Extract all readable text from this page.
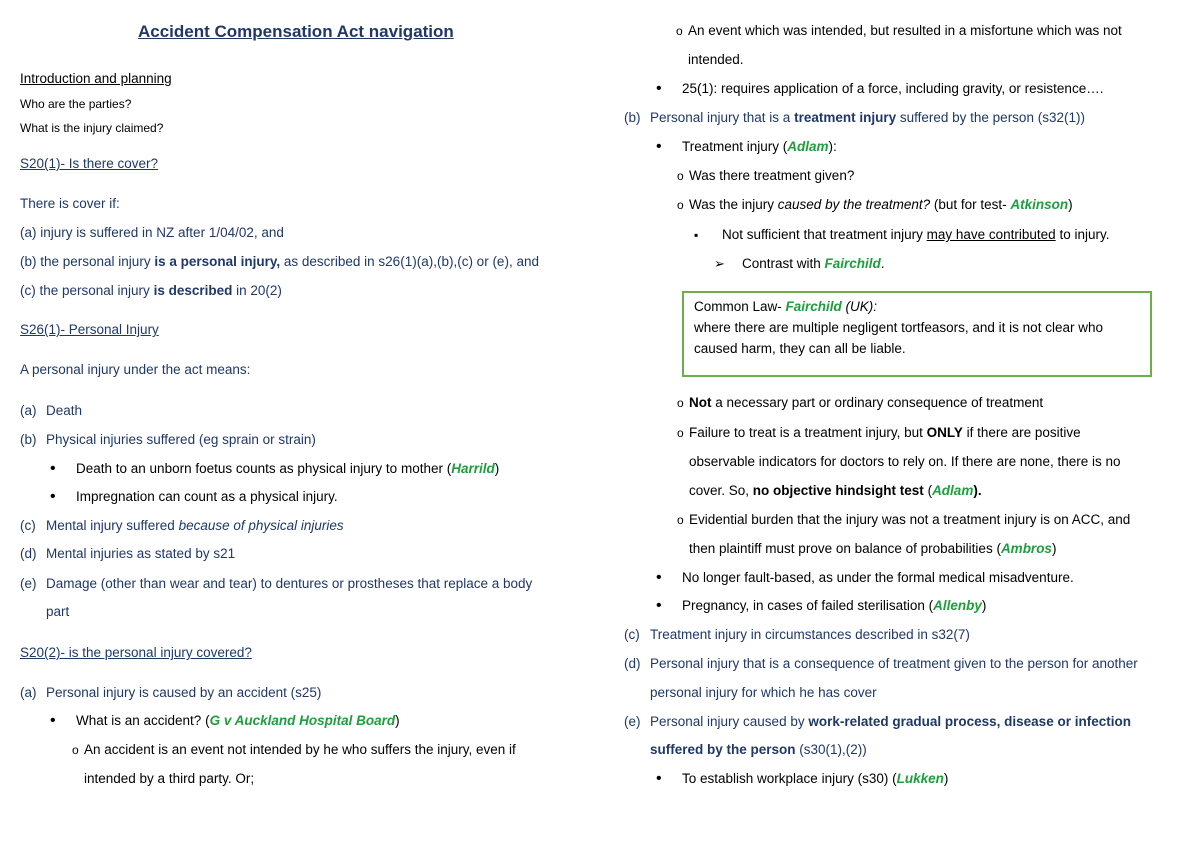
Accident Compensation Act navigation
Introduction and planning
Who are the parties?
What is the injury claimed?
S20(1)- Is there cover?
There is cover if:
(a) injury is suffered in NZ after 1/04/02, and
(b) the personal injury is a personal injury, as described in s26(1)(a),(b),(c) or (e), and
(c) the personal injury is described in 20(2)
S26(1)- Personal Injury
A personal injury under the act means:
(a) Death
(b) Physical injuries suffered (eg sprain or strain)
• Death to an unborn foetus counts as physical injury to mother (Harrild)
• Impregnation can count as a physical injury.
(c) Mental injury suffered because of physical injuries
(d) Mental injuries as stated by s21
(e) Damage (other than wear and tear) to dentures or prostheses that replace a body
part
S20(2)- is the personal injury covered?
(a) Personal injury is caused by an accident (s25)
• What is an accident? (G v Auckland Hospital Board)
o An accident is an event not intended by he who suffers the injury, even if
intended by a third party. Or;
o An event which was intended, but resulted in a misfortune which was not
intended.
• 25(1): requires application of a force, including gravity, or resistence….
(b) Personal injury that is a treatment injury suffered by the person (s32(1))
• Treatment injury (Adlam):
o Was there treatment given?
o Was the injury caused by the treatment? (but for test- Atkinson)
▪ Not sufficient that treatment injury may have contributed to injury.
➢ Contrast with Fairchild.
Common Law- Fairchild (UK):
where there are multiple negligent tortfeasors, and it is not clear who
caused harm, they can all be liable.
o Not a necessary part or ordinary consequence of treatment
o Failure to treat is a treatment injury, but ONLY if there are positive
observable indicators for doctors to rely on. If there are none, there is no
cover. So, no objective hindsight test (Adlam).
o Evidential burden that the injury was not a treatment injury is on ACC, and
then plaintiff must prove on balance of probabilities (Ambros)
• No longer fault-based, as under the formal medical misadventure.
• Pregnancy, in cases of failed sterilisation (Allenby)
(c) Treatment injury in circumstances described in s32(7)
(d) Personal injury that is a consequence of treatment given to the person for another
personal injury for which he has cover
(e) Personal injury caused by work-related gradual process, disease or infection
suffered by the person (s30(1),(2))
• To establish workplace injury (s30) (Lukken)
